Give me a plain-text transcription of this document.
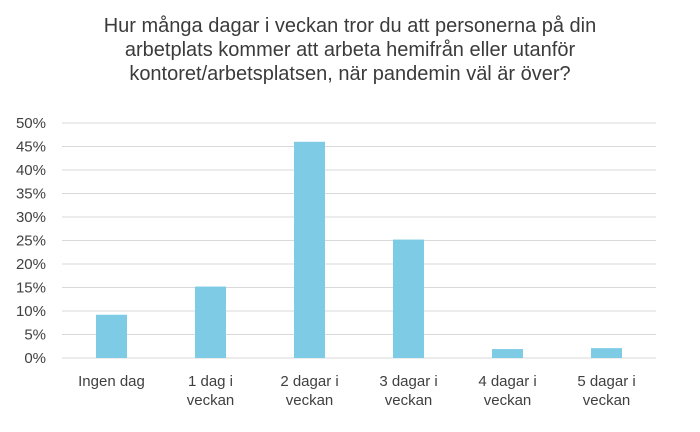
Hur många dagar i veckan tror du att personerna på din
arbetplats kommer att arbeta hemifrån eller utanför
kontoret/arbetsplatsen, när pandemin väl är över?
0%
5%
10%
15%
20%
25%
30%
35%
40%
45%
50%
Ingen dag	1 dag i
veckan
2 dagar i
veckan
3 dagar i
veckan
4 dagar i
veckan
5 dagar i
veckan
